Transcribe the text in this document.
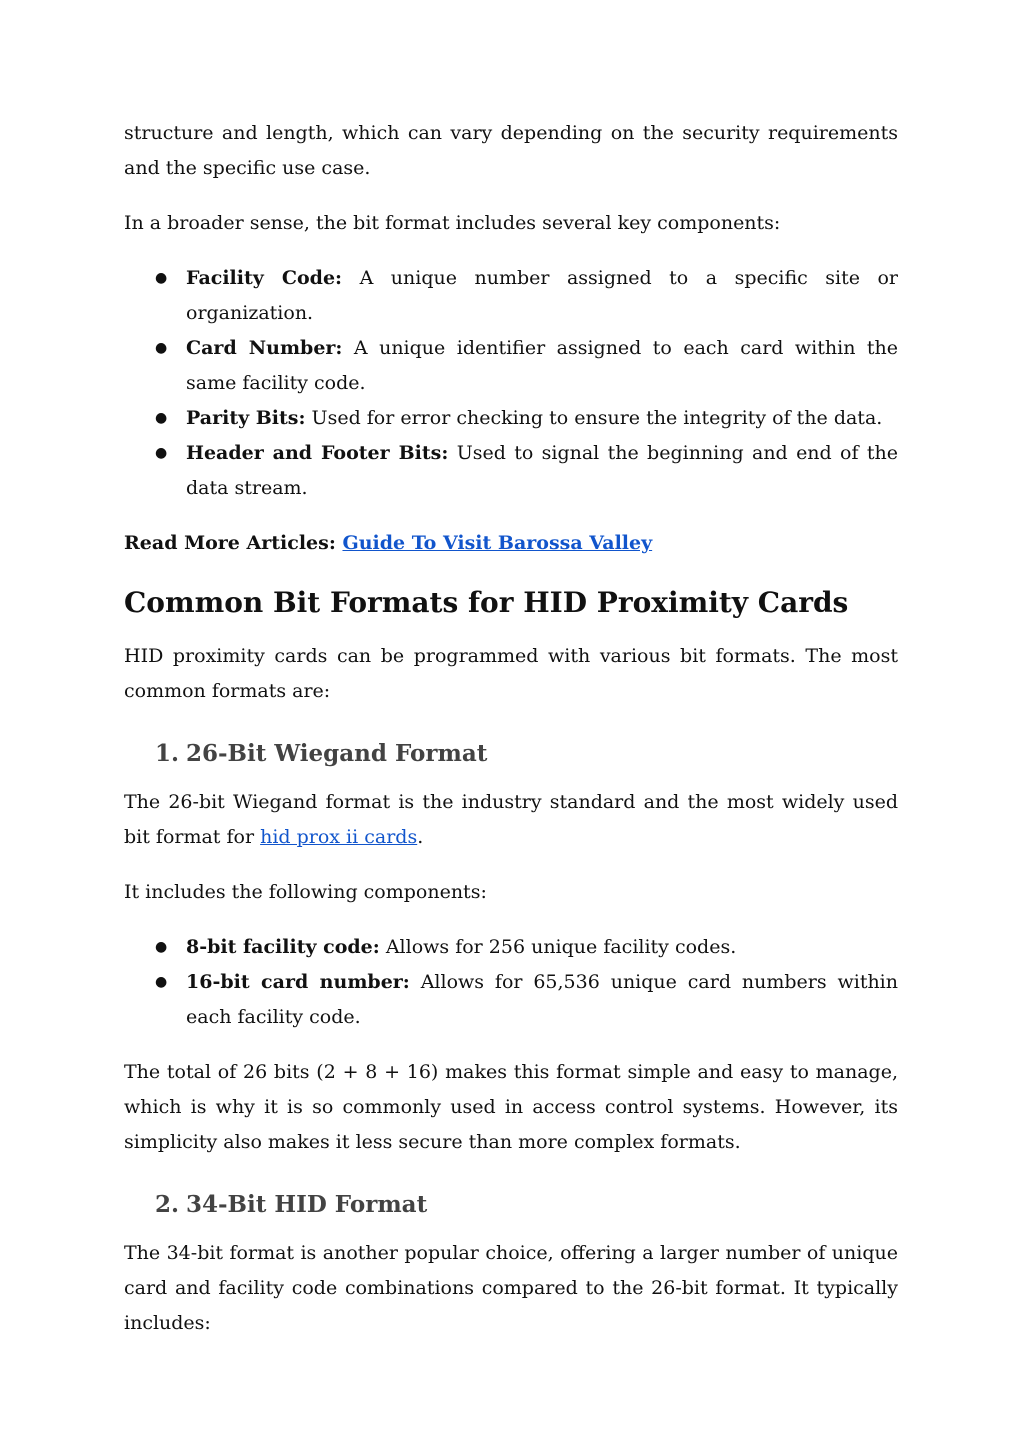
structure and length, which can vary depending on the security requirements and the specific use case.

In a broader sense, the bit format includes several key components:

● Facility Code: A unique number assigned to a specific site or organization.
● Card Number: A unique identifier assigned to each card within the same facility code.
● Parity Bits: Used for error checking to ensure the integrity of the data.
● Header and Footer Bits: Used to signal the beginning and end of the data stream.

Read More Articles: Guide To Visit Barossa Valley

Common Bit Formats for HID Proximity Cards

HID proximity cards can be programmed with various bit formats. The most common formats are:

1. 26-Bit Wiegand Format

The 26-bit Wiegand format is the industry standard and the most widely used bit format for hid prox ii cards.

It includes the following components:

● 8-bit facility code: Allows for 256 unique facility codes.
● 16-bit card number: Allows for 65,536 unique card numbers within each facility code.

The total of 26 bits (2 + 8 + 16) makes this format simple and easy to manage, which is why it is so commonly used in access control systems. However, its simplicity also makes it less secure than more complex formats.

2. 34-Bit HID Format

The 34-bit format is another popular choice, offering a larger number of unique card and facility code combinations compared to the 26-bit format. It typically includes:
